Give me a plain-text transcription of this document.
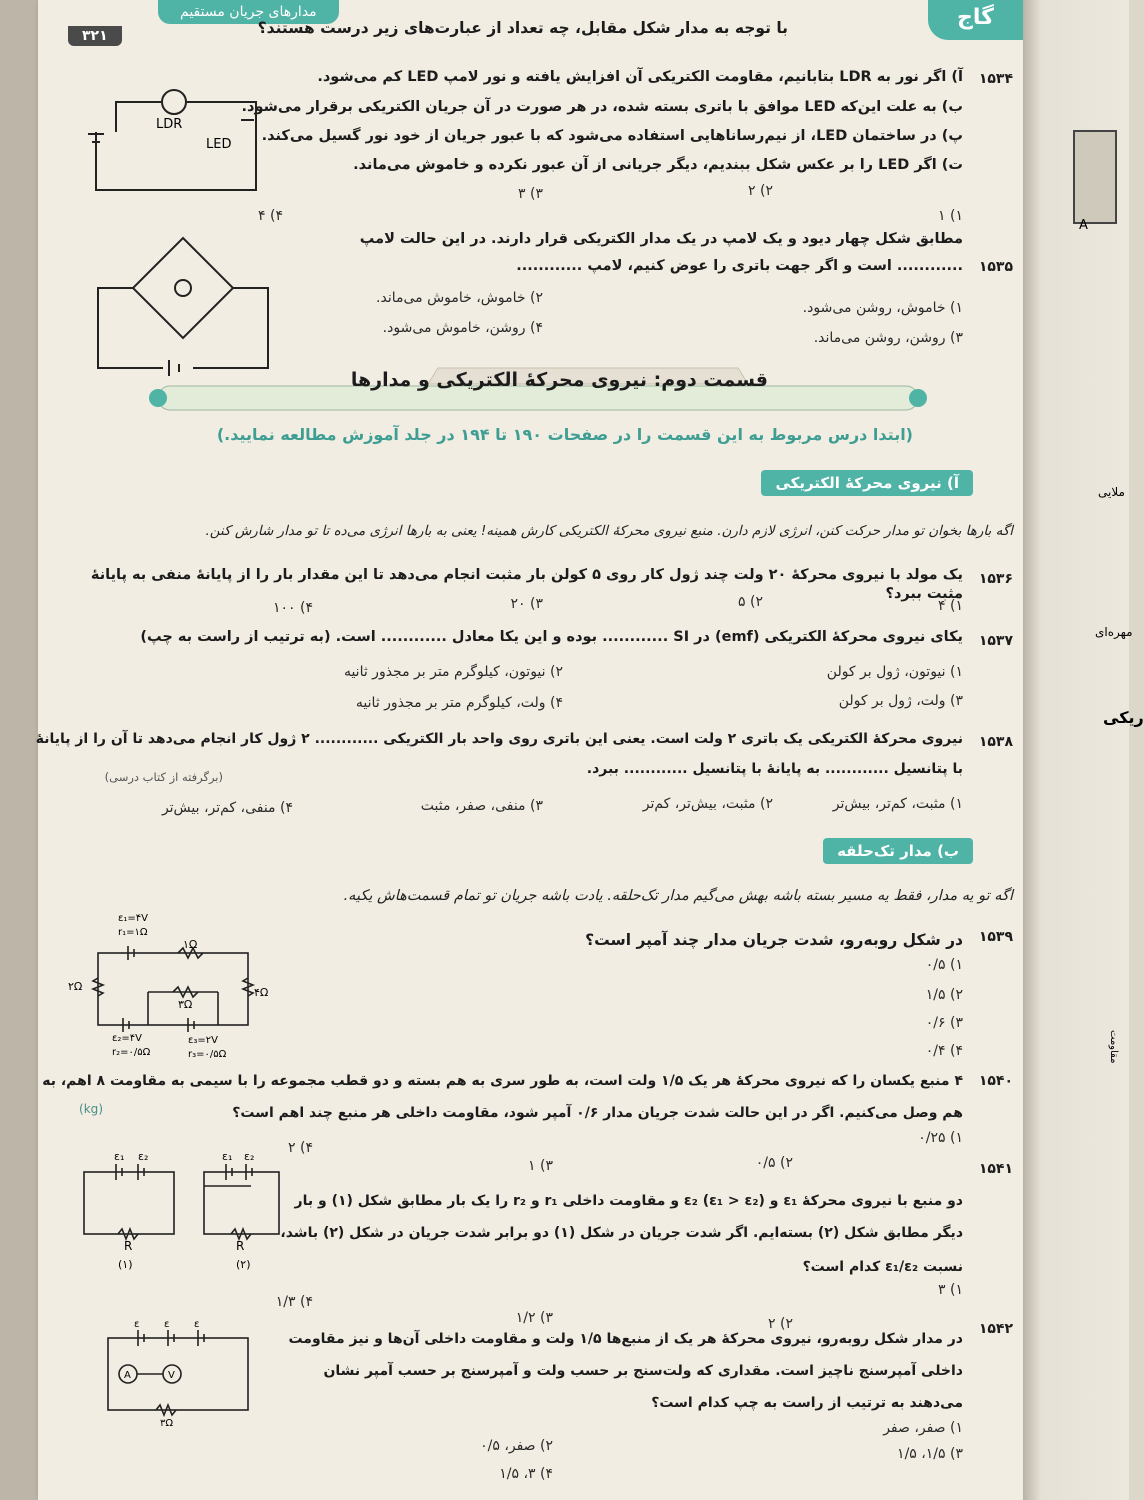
۳۲۱
مدارهای جریان مستقیم	گاج
با توجه به مدار شکل مقابل، چه تعداد از عبارت‌های زیر درست هستند؟
۱۵۳۴
آ) اگر نور به LDR بتابانیم، مقاومت الکتریکی آن افزایش یافته و نور لامپ LED کم می‌شود.
ب) به علت این‌که LED موافق با باتری بسته شده، در هر صورت در آن جریان الکتریکی برقرار می‌شود.
پ) در ساختمان LED، از نیم‌رساناهایی استفاده می‌شود که با عبور جریان از خود نور گسیل می‌کند.
ت) اگر LED را بر عکس شکل ببندیم، دیگر جریانی از آن عبور نکرده و خاموش می‌ماند.
۱) ۱
۲) ۲
۳) ۳
۴) ۴
LDR
LED
۱۵۳۵
مطابق شکل چهار دیود و یک لامپ در یک مدار الکتریکی قرار دارند. در این حالت لامپ
............ است و اگر جهت باتری را عوض کنیم، لامپ ............
۱) خاموش، روشن می‌شود.
۲) خاموش، خاموش می‌ماند.
۳) روشن، روشن می‌ماند.
۴) روشن، خاموش می‌شود.
قسمت دوم: نیروی محرکهٔ الکتریکی و مدارها
(ابتدا درس مربوط به این قسمت را در صفحات ۱۹۰ تا ۱۹۴ در جلد آموزش مطالعه نمایید.)
آ) نیروی محرکهٔ الکتریکی
اگه بارها بخوان تو مدار حرکت کنن، انرژی لازم دارن. منبع نیروی محرکهٔ الکتریکی کارش همینه! یعنی به بارها انرژی می‌ده تا تو مدار شارش کنن.
۱۵۳۶
یک مولد با نیروی محرکهٔ ۲۰ ولت چند ژول کار روی ۵ کولن بار مثبت انجام می‌دهد تا این مقدار بار را از پایانهٔ منفی به پایانهٔ مثبت ببرد؟
۱) ۴
۲) ۵
۳) ۲۰
۴) ۱۰۰
۱۵۳۷
یکای نیروی محرکهٔ الکتریکی (emf) در SI ............ بوده و این یکا معادل ............ است. (به ترتیب از راست به چپ)
۱) نیوتون، ژول بر کولن
۲) نیوتون، کیلوگرم متر بر مجذور ثانیه
۳) ولت، ژول بر کولن
۴) ولت، کیلوگرم متر بر مجذور ثانیه
۱۵۳۸
نیروی محرکهٔ الکتریکی یک باتری ۲ ولت است. یعنی این باتری روی واحد بار الکتریکی ............ ۲ ژول کار انجام می‌دهد تا آن را از پایانهٔ
با پتانسیل ............ به پایانهٔ با پتانسیل ............ ببرد.
(برگرفته از کتاب درسی)
۱) مثبت، کم‌تر، بیش‌تر
۲) مثبت، بیش‌تر، کم‌تر
۳) منفی، صفر، مثبت
۴) منفی، کم‌تر، بیش‌تر
ب) مدار تک‌حلقه
اگه تو یه مدار، فقط یه مسیر بسته باشه بهش می‌گیم مدار تک‌حلقه. یادت باشه جریان تو تمام قسمت‌هاش یکیه.
۱۵۳۹
در شکل روبه‌رو، شدت جریان مدار چند آمپر است؟
۱) ۰/۵
۲) ۱/۵
۳) ۰/۶
۴) ۰/۴
ε₁=۴V
r₁=۱Ω
۱Ω
۲Ω	۴Ω
۳Ω
ε₂=۴V
r₂=۰/۵Ω
ε₃=۲V
r₃=۰/۵Ω
۱۵۴۰
۴ منبع یکسان را که نیروی محرکهٔ هر یک ۱/۵ ولت است، به طور سری به هم بسته و دو قطب مجموعه را با سیمی به مقاومت ۸ اهم، به
هم وصل می‌کنیم. اگر در این حالت شدت جریان مدار ۰/۶ آمپر شود، مقاومت داخلی هر منبع چند اهم است؟
(kg)
۱) ۰/۲۵
۲) ۰/۵
۳) ۱
۴) ۲
۱۵۴۱
دو منبع با نیروی محرکهٔ ε₁ و ε₂ (ε₁ > ε₂) و مقاومت داخلی r₁ و r₂ را یک بار مطابق شکل (۱) و بار
دیگر مطابق شکل (۲) بسته‌ایم. اگر شدت جریان در شکل (۱) دو برابر شدت جریان در شکل (۲) باشد،
نسبت ε₁/ε₂ کدام است؟
۱) ۳
۲) ۲
۳) ۱/۲
۴) ۱/۳
ε₁ ε₂	ε₁ ε₂
R	R
(۱)	(۲)
۱۵۴۲
در مدار شکل روبه‌رو، نیروی محرکهٔ هر یک از منبع‌ها ۱/۵ ولت و مقاومت داخلی آن‌ها و نیز مقاومت
داخلی آمپرسنج ناچیز است. مقداری که ولت‌سنج بر حسب ولت و آمپرسنج بر حسب آمپر نشان
می‌دهند به ترتیب از راست به چپ کدام است؟
۱) صفر، صفر
۲) صفر، ۰/۵	۳) ۱/۵، ۱/۵
۴) ۳، ۱/۵
ε ε ε
A	V
۳Ω
A
ملایی
مهره‌ای
ریکی
مقاومت
